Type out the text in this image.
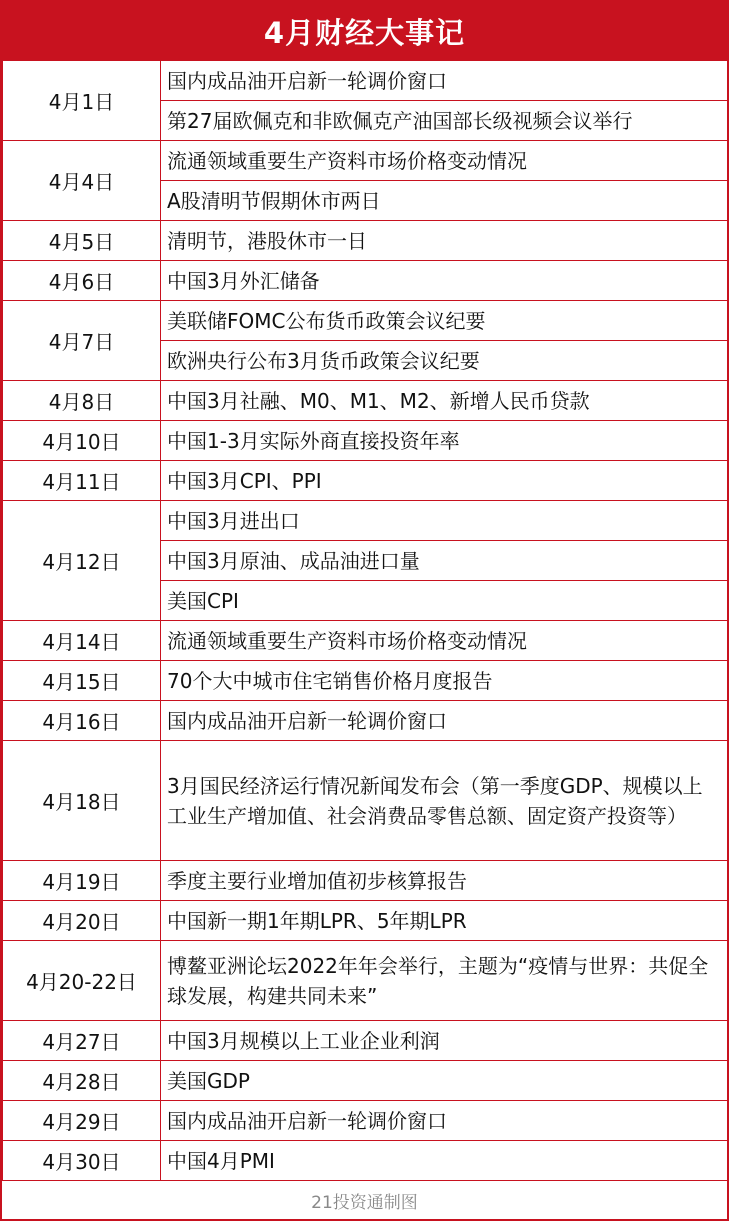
4月财经大事记
4月1日	国内成品油开启新一轮调价窗口
	第27届欧佩克和非欧佩克产油国部长级视频会议举行
4月4日	流通领域重要生产资料市场价格变动情况
	A股清明节假期休市两日
4月5日	清明节，港股休市一日
4月6日	中国3月外汇储备
4月7日	美联储FOMC公布货币政策会议纪要
	欧洲央行公布3月货币政策会议纪要
4月8日	中国3月社融、M0、M1、M2、新增人民币贷款
4月10日	中国1-3月实际外商直接投资年率
4月11日	中国3月CPI、PPI
4月12日	中国3月进出口
	中国3月原油、成品油进口量
	美国CPI
4月14日	流通领域重要生产资料市场价格变动情况
4月15日	70个大中城市住宅销售价格月度报告
4月16日	国内成品油开启新一轮调价窗口
4月18日	3月国民经济运行情况新闻发布会（第一季度GDP、规模以上工业生产增加值、社会消费品零售总额、固定资产投资等）
4月19日	季度主要行业增加值初步核算报告
4月20日	中国新一期1年期LPR、5年期LPR
4月20-22日	博鳌亚洲论坛2022年年会举行，主题为“疫情与世界：共促全球发展，构建共同未来”
4月27日	中国3月规模以上工业企业利润
4月28日	美国GDP
4月29日	国内成品油开启新一轮调价窗口
4月30日	中国4月PMI
21投资通制图
